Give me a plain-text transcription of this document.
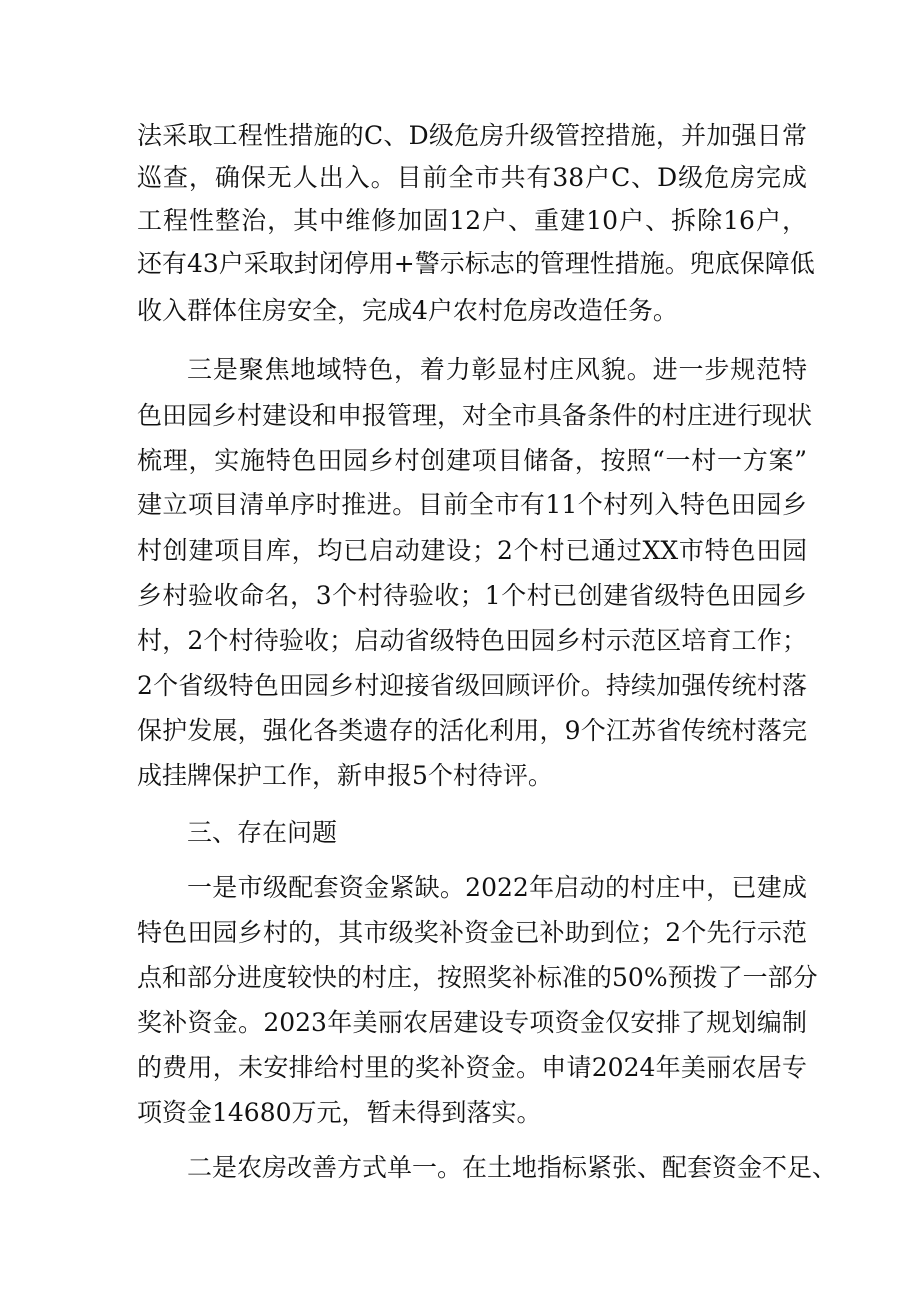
法采取工程性措施的C、D级危房升级管控措施，并加强日常
巡查，确保无人出入。目前全市共有38户C、D级危房完成
工程性整治，其中维修加固12户、重建10户、拆除16户，
还有43户采取封闭停用+警示标志的管理性措施。兜底保障低
收入群体住房安全，完成4户农村危房改造任务。
三是聚焦地域特色，着力彰显村庄风貌。进一步规范特
色田园乡村建设和申报管理，对全市具备条件的村庄进行现状
梳理，实施特色田园乡村创建项目储备，按照“一村一方案”
建立项目清单序时推进。目前全市有11个村列入特色田园乡
村创建项目库，均已启动建设；2个村已通过XX市特色田园
乡村验收命名，3个村待验收；1个村已创建省级特色田园乡
村，2个村待验收；启动省级特色田园乡村示范区培育工作；
2个省级特色田园乡村迎接省级回顾评价。持续加强传统村落
保护发展，强化各类遗存的活化利用，9个江苏省传统村落完
成挂牌保护工作，新申报5个村待评。
三、存在问题
一是市级配套资金紧缺。2022年启动的村庄中，已建成
特色田园乡村的，其市级奖补资金已补助到位；2个先行示范
点和部分进度较快的村庄，按照奖补标准的50%预拨了一部分
奖补资金。2023年美丽农居建设专项资金仅安排了规划编制
的费用，未安排给村里的奖补资金。申请2024年美丽农居专
项资金14680万元，暂未得到落实。
二是农房改善方式单一。在土地指标紧张、配套资金不足、
